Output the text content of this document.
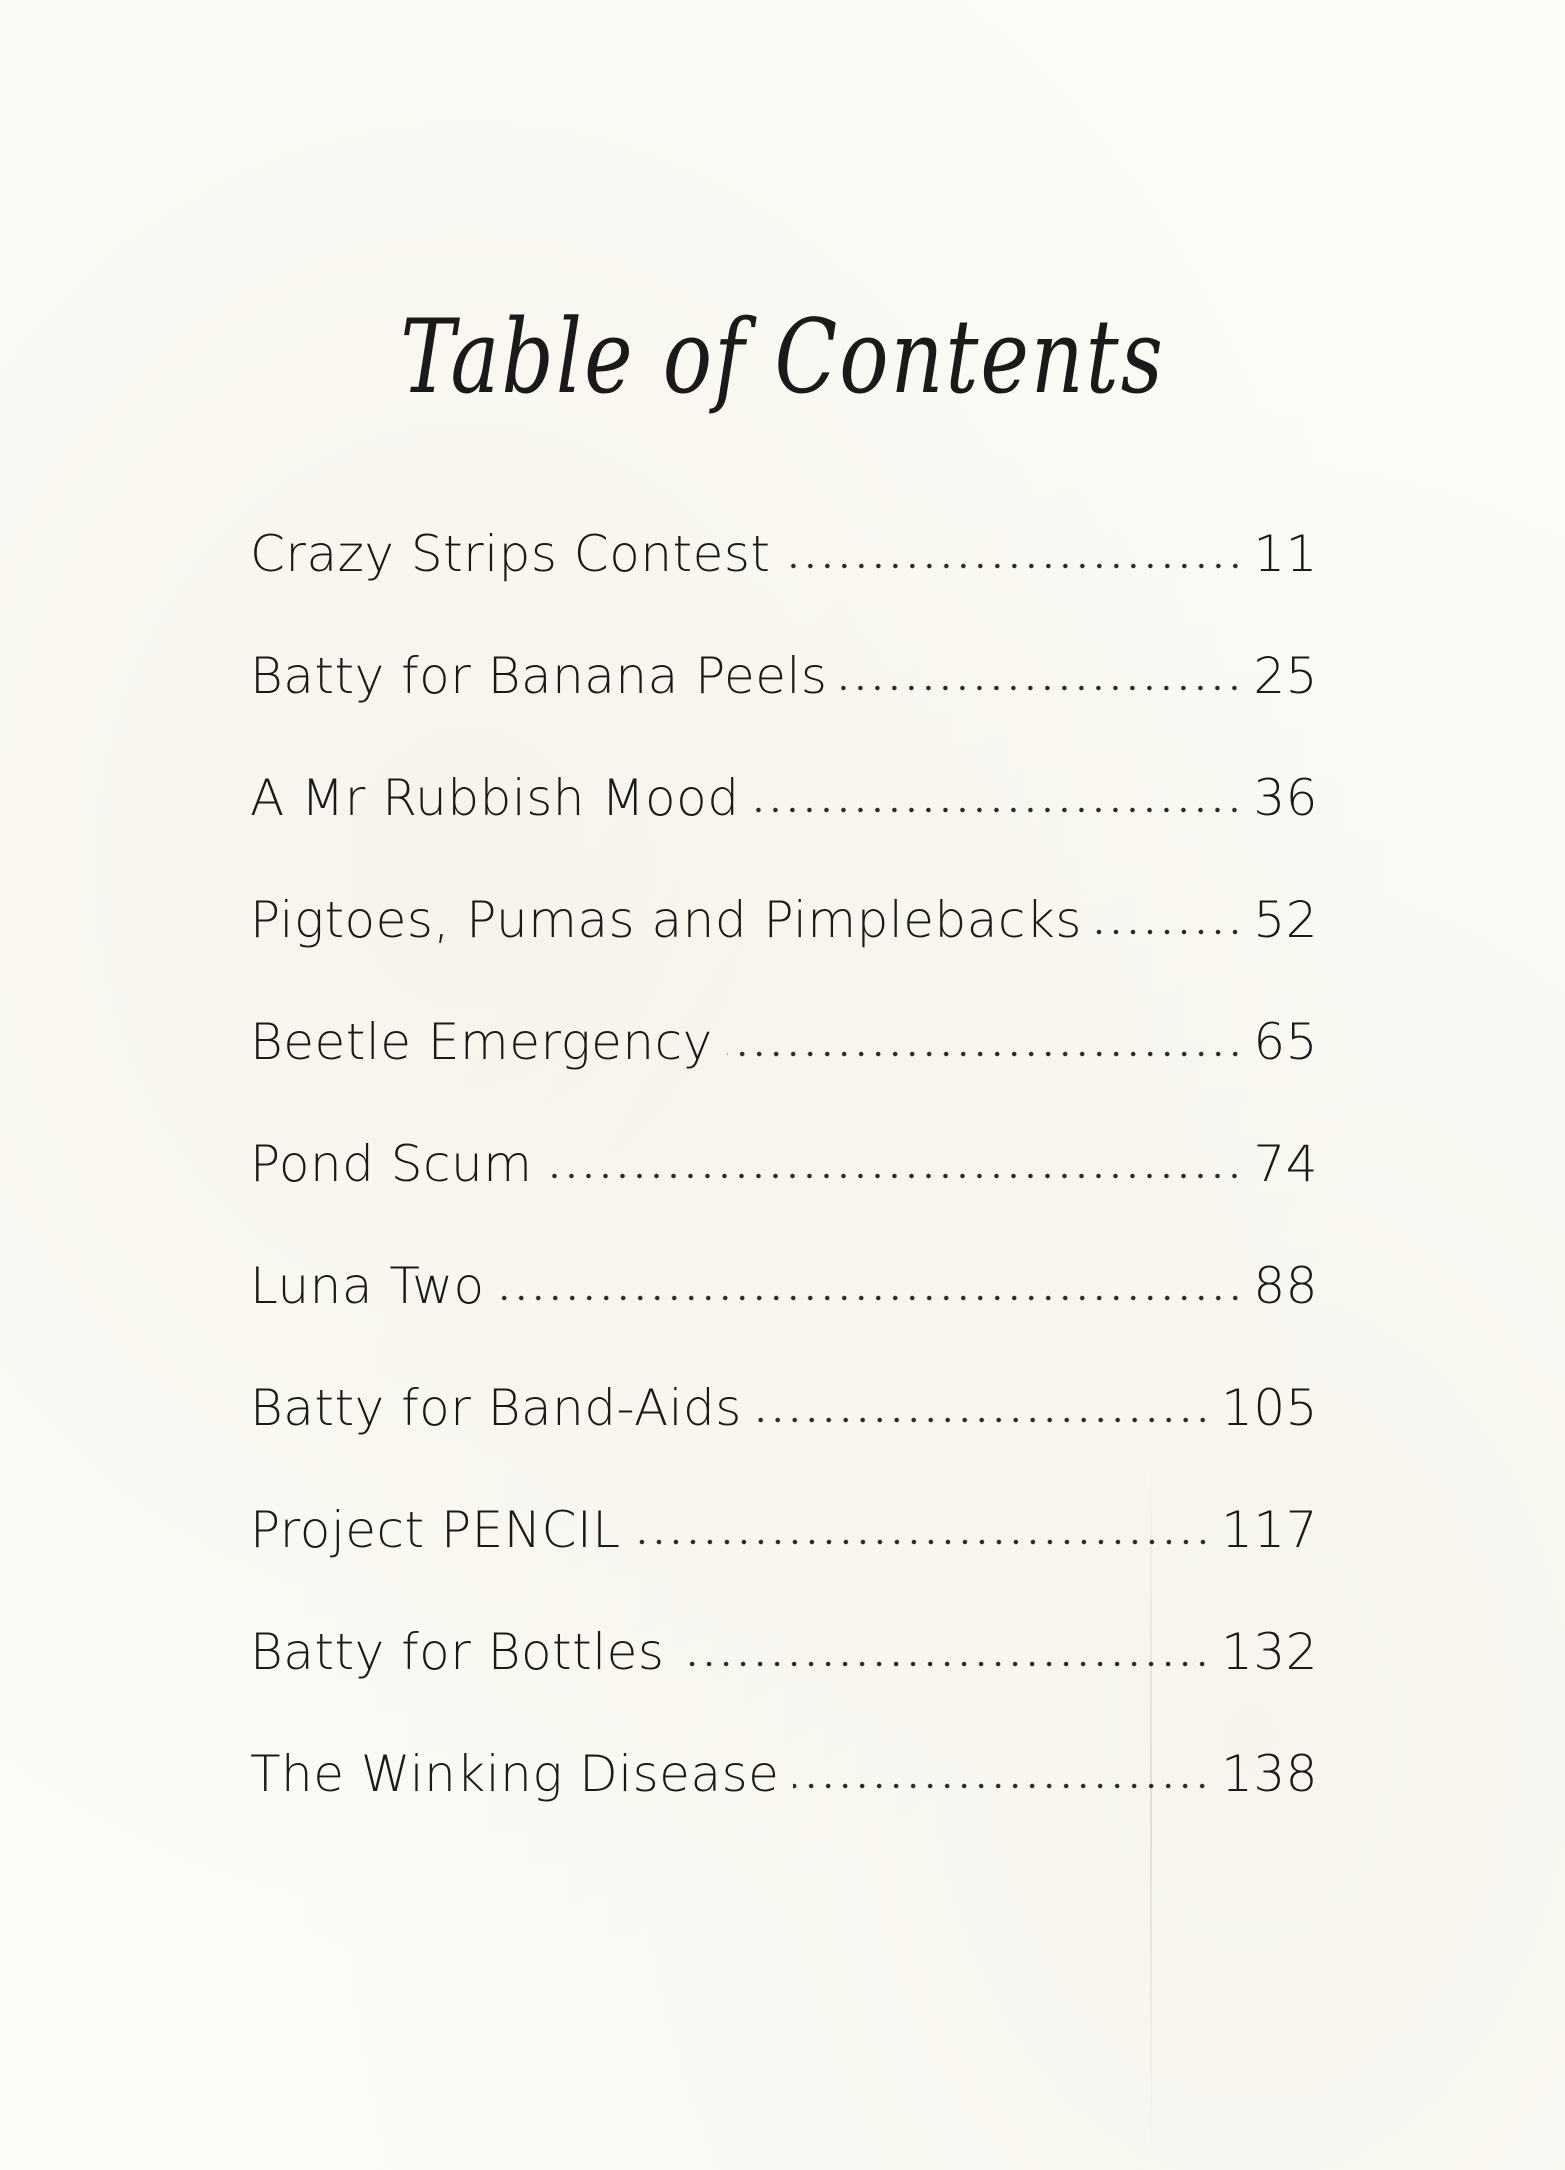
Table of Contents
Crazy Strips Contest	11
Batty for Banana Peels	25
A Mr Rubbish Mood	36
Pigtoes, Pumas and Pimplebacks	52
Beetle Emergency	65
Pond Scum	74
Luna Two	88
Batty for Band-Aids	105
Project PENCIL	117
Batty for Bottles	132
The Winking Disease	138
